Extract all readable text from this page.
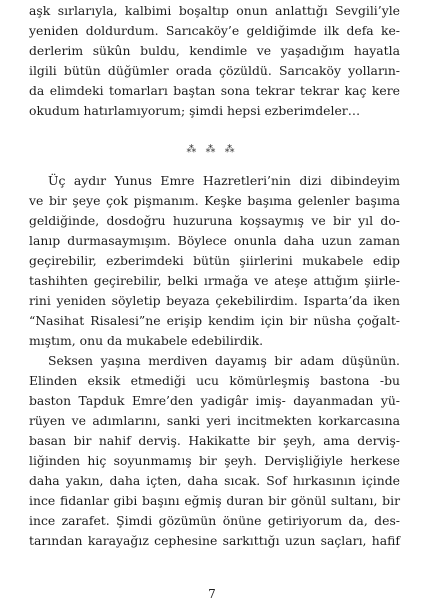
aşk sırlarıyla, kalbimi boşaltıp onun anlattığı Sevgili’yle
yeniden doldurdum. Sarıcaköy’e geldiğimde ilk defa ke-
derlerim sükûn buldu, kendimle ve yaşadığım hayatla
ilgili bütün düğümler orada çözüldü. Sarıcaköy yolların-
da elimdeki tomarları baştan sona tekrar tekrar kaç kere
okudum hatırlamıyorum; şimdi hepsi ezberimdeler…
⁂ ⁂ ⁂
Üç aydır Yunus Emre Hazretleri’nin dizi dibindeyim
ve bir şeye çok pişmanım. Keşke başıma gelenler başıma
geldiğinde, dosdoğru huzuruna koşsaymış ve bir yıl do-
lanıp durmasaymışım. Böylece onunla daha uzun zaman
geçirebilir, ezberimdeki bütün şiirlerini mukabele edip
tashihten geçirebilir, belki ırmağa ve ateşe attığım şiirle-
rini yeniden söyletip beyaza çekebilirdim. Isparta’da iken
“Nasihat Risalesi”ne erişip kendim için bir nüsha çoğalt-
mıştım, onu da mukabele edebilirdik.
Seksen yaşına merdiven dayamış bir adam düşünün.
Elinden eksik etmediği ucu kömürleşmiş bastona -bu
baston Tapduk Emre’den yadigâr imiş- dayanmadan yü-
rüyen ve adımlarını, sanki yeri incitmekten korkarcasına
basan bir nahif derviş. Hakikatte bir şeyh, ama derviş-
liğinden hiç soyunmamış bir şeyh. Dervişliğiyle herkese
daha yakın, daha içten, daha sıcak. Sof hırkasının içinde
ince fidanlar gibi başını eğmiş duran bir gönül sultanı, bir
ince zarafet. Şimdi gözümün önüne getiriyorum da, des-
tarından karayağız cephesine sarkıttığı uzun saçları, hafif
7
